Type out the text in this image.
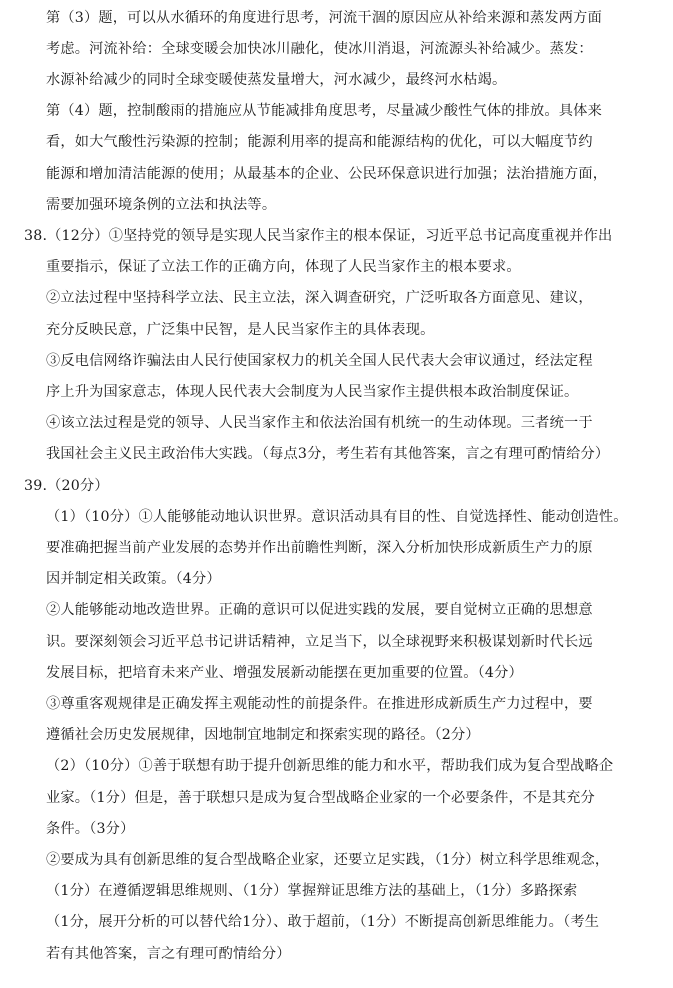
第（3）题，可以从水循环的角度进行思考，河流干涸的原因应从补给来源和蒸发两方面
考虑。河流补给：全球变暖会加快冰川融化，使冰川消退，河流源头补给减少。蒸发：
水源补给减少的同时全球变暖使蒸发量增大，河水减少，最终河水枯竭。
第（4）题，控制酸雨的措施应从节能减排角度思考，尽量减少酸性气体的排放。具体来
看，如大气酸性污染源的控制；能源利用率的提高和能源结构的优化，可以大幅度节约
能源和增加清洁能源的使用；从最基本的企业、公民环保意识进行加强；法治措施方面，
需要加强环境条例的立法和执法等。
38.（12分）①坚持党的领导是实现人民当家作主的根本保证，习近平总书记高度重视并作出
重要指示，保证了立法工作的正确方向，体现了人民当家作主的根本要求。
②立法过程中坚持科学立法、民主立法，深入调查研究，广泛听取各方面意见、建议，
充分反映民意，广泛集中民智，是人民当家作主的具体表现。
③反电信网络诈骗法由人民行使国家权力的机关全国人民代表大会审议通过，经法定程
序上升为国家意志，体现人民代表大会制度为人民当家作主提供根本政治制度保证。
④该立法过程是党的领导、人民当家作主和依法治国有机统一的生动体现。三者统一于
我国社会主义民主政治伟大实践。（每点3分，考生若有其他答案，言之有理可酌情给分）
39.（20分）
（1）（10分）①人能够能动地认识世界。意识活动具有目的性、自觉选择性、能动创造性。
要准确把握当前产业发展的态势并作出前瞻性判断，深入分析加快形成新质生产力的原
因并制定相关政策。（4分）
②人能够能动地改造世界。正确的意识可以促进实践的发展，要自觉树立正确的思想意
识。要深刻领会习近平总书记讲话精神，立足当下，以全球视野来积极谋划新时代长远
发展目标，把培育未来产业、增强发展新动能摆在更加重要的位置。（4分）
③尊重客观规律是正确发挥主观能动性的前提条件。在推进形成新质生产力过程中，要
遵循社会历史发展规律，因地制宜地制定和探索实现的路径。（2分）
（2）（10分）①善于联想有助于提升创新思维的能力和水平，帮助我们成为复合型战略企
业家。（1分）但是，善于联想只是成为复合型战略企业家的一个必要条件，不是其充分
条件。（3分）
②要成为具有创新思维的复合型战略企业家，还要立足实践，（1分）树立科学思维观念，
（1分）在遵循逻辑思维规则、（1分）掌握辩证思维方法的基础上，（1分）多路探索
（1分，展开分析的可以替代给1分）、敢于超前，（1分）不断提高创新思维能力。（考生
若有其他答案，言之有理可酌情给分）
